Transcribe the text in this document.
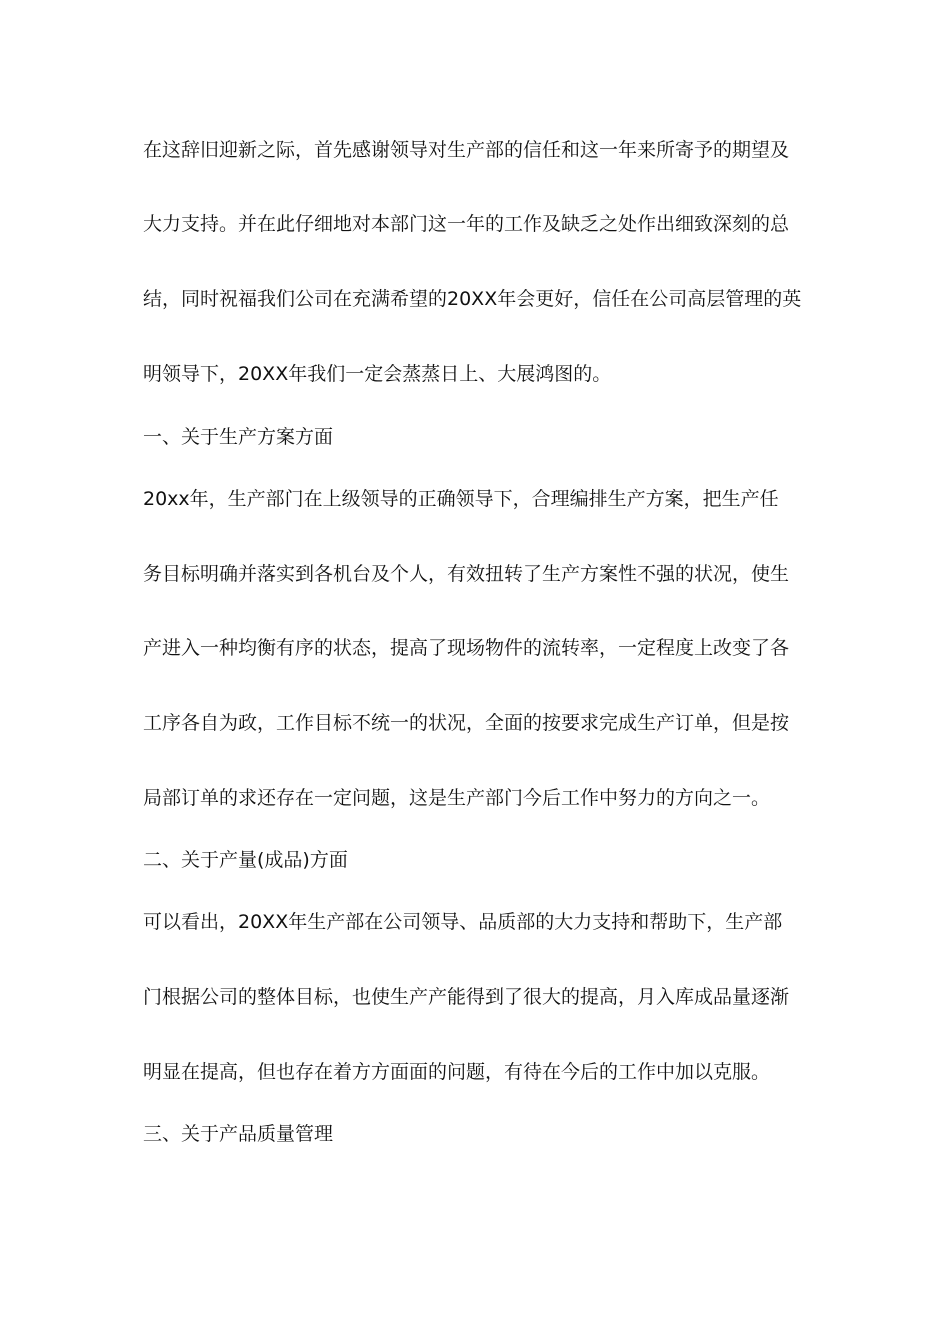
在这辞旧迎新之际，首先感谢领导对生产部的信任和这一年来所寄予的期望及
大力支持。并在此仔细地对本部门这一年的工作及缺乏之处作出细致深刻的总
结，同时祝福我们公司在充满希望的20XX年会更好，信任在公司高层管理的英
明领导下，20XX年我们一定会蒸蒸日上、大展鸿图的。
一、关于生产方案方面
20xx年，生产部门在上级领导的正确领导下，合理编排生产方案，把生产任
务目标明确并落实到各机台及个人，有效扭转了生产方案性不强的状况，使生
产进入一种均衡有序的状态，提高了现场物件的流转率，一定程度上改变了各
工序各自为政，工作目标不统一的状况，全面的按要求完成生产订单，但是按
局部订单的求还存在一定问题，这是生产部门今后工作中努力的方向之一。
二、关于产量(成品)方面
可以看出，20XX年生产部在公司领导、品质部的大力支持和帮助下，生产部
门根据公司的整体目标，也使生产产能得到了很大的提高，月入库成品量逐渐
明显在提高，但也存在着方方面面的问题，有待在今后的工作中加以克服。
三、关于产品质量管理
